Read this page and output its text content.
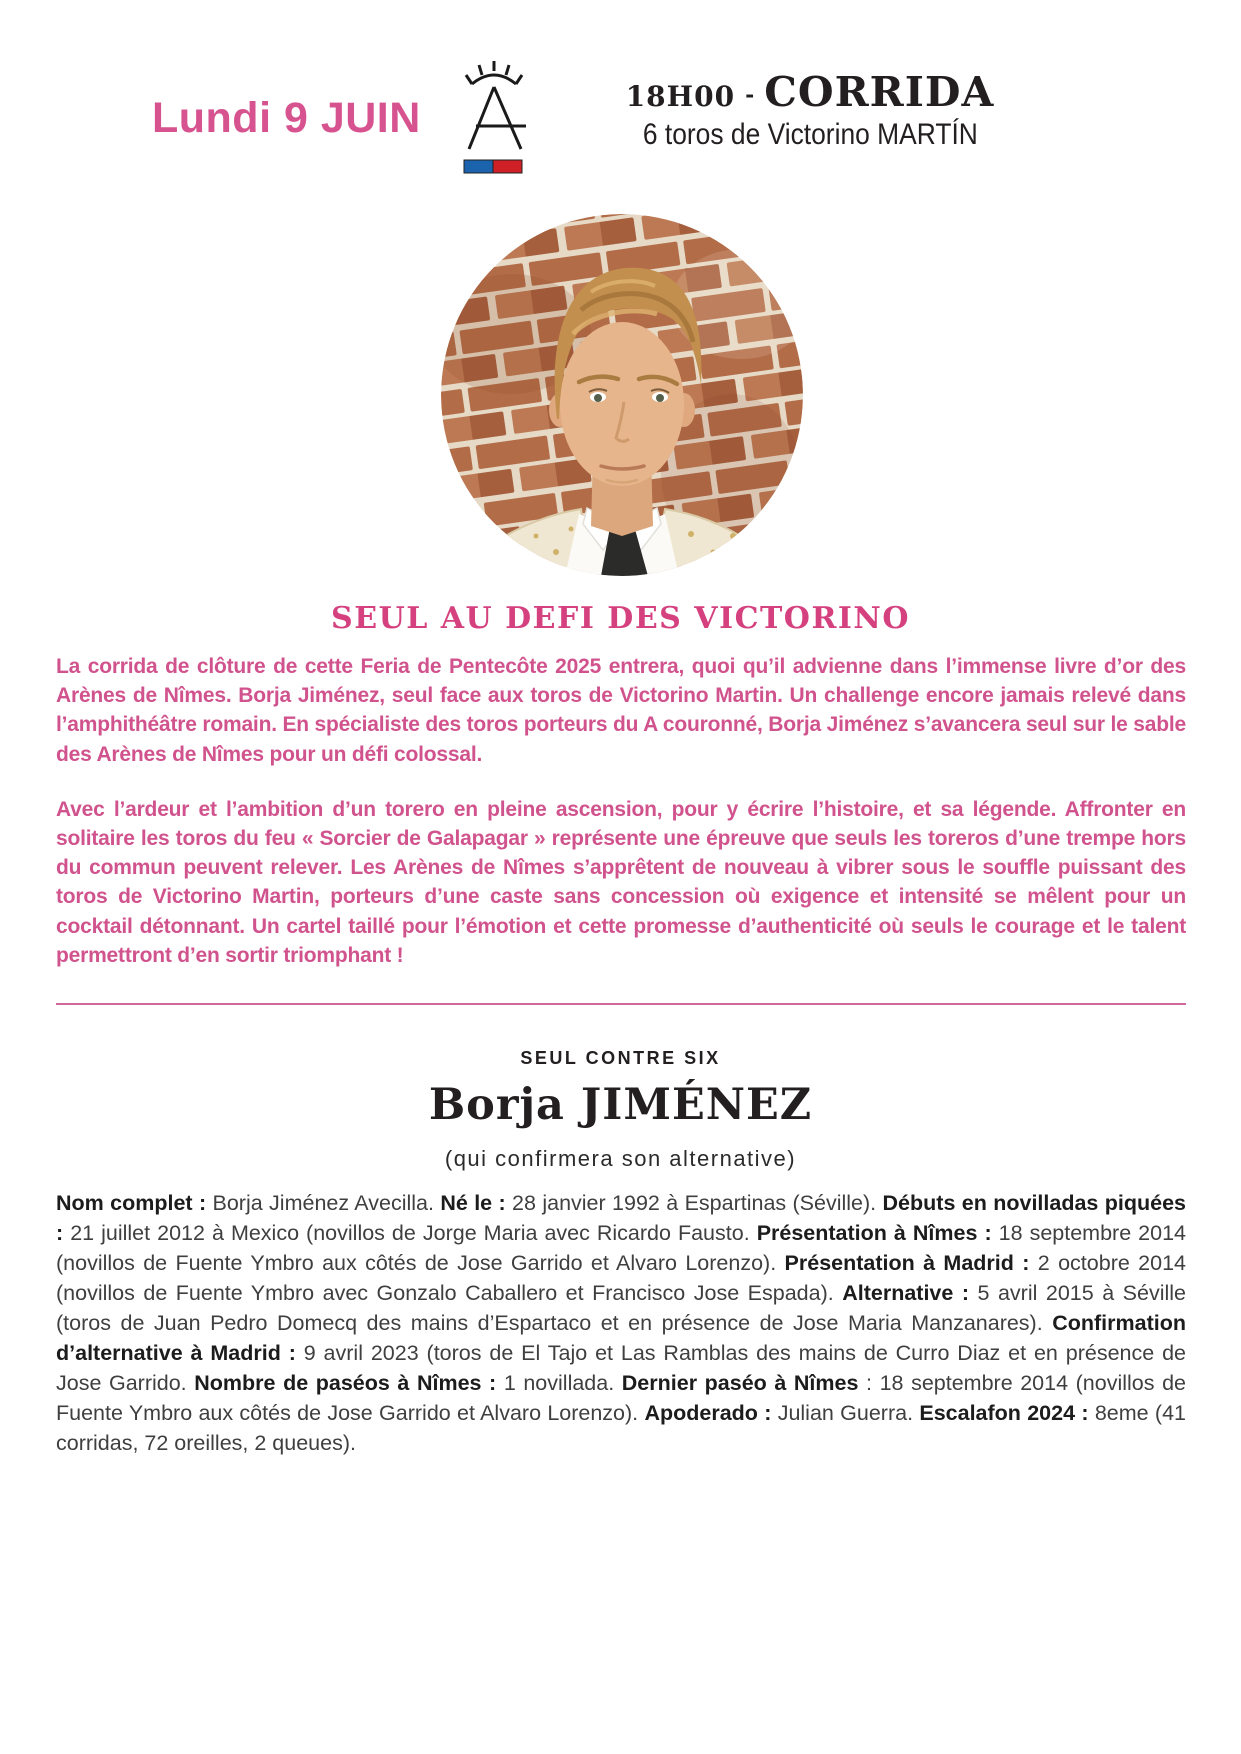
Lundi 9 JUIN	18H00 - CORRIDA
6 toros de Victorino MARTÍN
SEUL AU DEFI DES VICTORINO

La corrida de clôture de cette Feria de Pentecôte 2025 entrera, quoi qu’il advienne dans l’immense livre d’or des Arènes de Nîmes. Borja Jiménez, seul face aux toros de Victorino Martin. Un challenge encore jamais relevé dans l’amphithéâtre romain. En spécialiste des toros porteurs du A couronné, Borja Jiménez s’avancera seul sur le sable des Arènes de Nîmes pour un défi colossal.

Avec l’ardeur et l’ambition d’un torero en pleine ascension, pour y écrire l’histoire, et sa légende. Affronter en solitaire les toros du feu « Sorcier de Galapagar » représente une épreuve que seuls les toreros d’une trempe hors du commun peuvent relever. Les Arènes de Nîmes s’apprêtent de nouveau à vibrer sous le souffle puissant des toros de Victorino Martin, porteurs d’une caste sans concession où exigence et intensité se mêlent pour un cocktail détonnant. Un cartel taillé pour l’émotion et cette promesse d’authenticité où seuls le courage et le talent permettront d’en sortir triomphant !

SEUL CONTRE SIX
Borja JIMÉNEZ
(qui confirmera son alternative)
Nom complet : Borja Jiménez Avecilla. Né le : 28 janvier 1992 à Espartinas (Séville). Débuts en novilladas piquées : 21 juillet 2012 à Mexico (novillos de Jorge Maria avec Ricardo Fausto. Présentation à Nîmes : 18 septembre 2014 (novillos de Fuente Ymbro aux côtés de Jose Garrido et Alvaro Lorenzo). Présentation à Madrid : 2 octobre 2014 (novillos de Fuente Ymbro avec Gonzalo Caballero et Francisco Jose Espada). Alternative : 5 avril 2015 à Séville (toros de Juan Pedro Domecq des mains d’Espartaco et en présence de Jose Maria Manzanares). Confirmation d’alternative à Madrid : 9 avril 2023 (toros de El Tajo et Las Ramblas des mains de Curro Diaz et en présence de Jose Garrido. Nombre de paséos à Nîmes : 1 novillada. Dernier paséo à Nîmes : 18 septembre 2014 (novillos de Fuente Ymbro aux côtés de Jose Garrido et Alvaro Lorenzo). Apoderado : Julian Guerra. Escalafon 2024 : 8eme (41 corridas, 72 oreilles, 2 queues).
